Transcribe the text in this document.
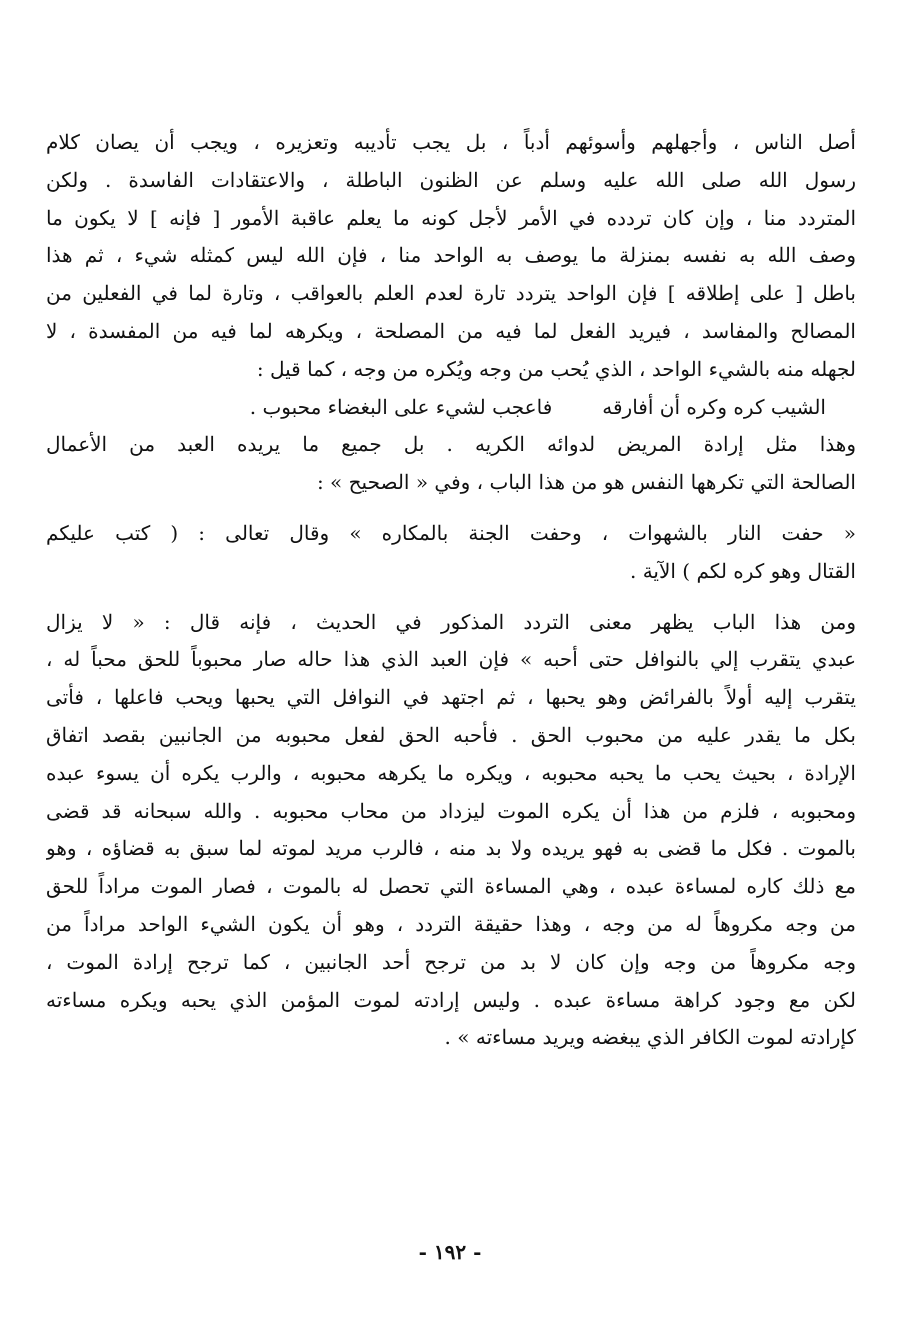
أصل الناس ، وأجهلهم وأسوئهم أدباً ، بل يجب تأديبه وتعزيره ، ويجب أن يصان كلام
رسول الله صلى الله عليه وسلم عن الظنون الباطلة ، والاعتقادات الفاسدة . ولكن
المتردد منا ، وإن كان تردده في الأمر لأجل كونه ما يعلم عاقبة الأمور [ فإنه ] لا يكون ما
وصف الله به نفسه بمنزلة ما يوصف به الواحد منا ، فإن الله ليس كمثله شيء ، ثم هذا
باطل [ على إطلاقه ] فإن الواحد يتردد تارة لعدم العلم بالعواقب ، وتارة لما في الفعلين من
المصالح والمفاسد ، فيريد الفعل لما فيه من المصلحة ، ويكرهه لما فيه من المفسدة ، لا
لجهله منه بالشيء الواحد ، الذي يُحب من وجه ويُكره من وجه ، كما قيل :
الشيب كره وكره أن أفارقه
فاعجب لشيء على البغضاء محبوب .
وهذا مثل إرادة المريض لدوائه الكريه . بل جميع ما يريده العبد من الأعمال
الصالحة التي تكرهها النفس هو من هذا الباب ، وفي « الصحيح » :
« حفت النار بالشهوات ، وحفت الجنة بالمكاره » وقال تعالى : ( كتب عليكم
القتال وهو كره لكم ) الآية .
ومن هذا الباب يظهر معنى التردد المذكور في الحديث ، فإنه قال : « لا يزال
عبدي يتقرب إلي بالنوافل حتى أحبه » فإن العبد الذي هذا حاله صار محبوباً للحق محباً له ،
يتقرب إليه أولاً بالفرائض وهو يحبها ، ثم اجتهد في النوافل التي يحبها ويحب فاعلها ، فأتى
بكل ما يقدر عليه من محبوب الحق . فأحبه الحق لفعل محبوبه من الجانبين بقصد اتفاق
الإرادة ، بحيث يحب ما يحبه محبوبه ، ويكره ما يكرهه محبوبه ، والرب يكره أن يسوء عبده
ومحبوبه ، فلزم من هذا أن يكره الموت ليزداد من محاب محبوبه . والله سبحانه قد قضى
بالموت . فكل ما قضى به فهو يريده ولا بد منه ، فالرب مريد لموته لما سبق به قضاؤه ، وهو
مع ذلك كاره لمساءة عبده ، وهي المساءة التي تحصل له بالموت ، فصار الموت مراداً للحق
من وجه مكروهاً له من وجه ، وهذا حقيقة التردد ، وهو أن يكون الشيء الواحد مراداً من
وجه مكروهاً من وجه وإن كان لا بد من ترجح أحد الجانبين ، كما ترجح إرادة الموت ،
لكن مع وجود كراهة مساءة عبده . وليس إرادته لموت المؤمن الذي يحبه ويكره مساءته
كإرادته لموت الكافر الذي يبغضه ويريد مساءته » .
- ١٩٢ -
